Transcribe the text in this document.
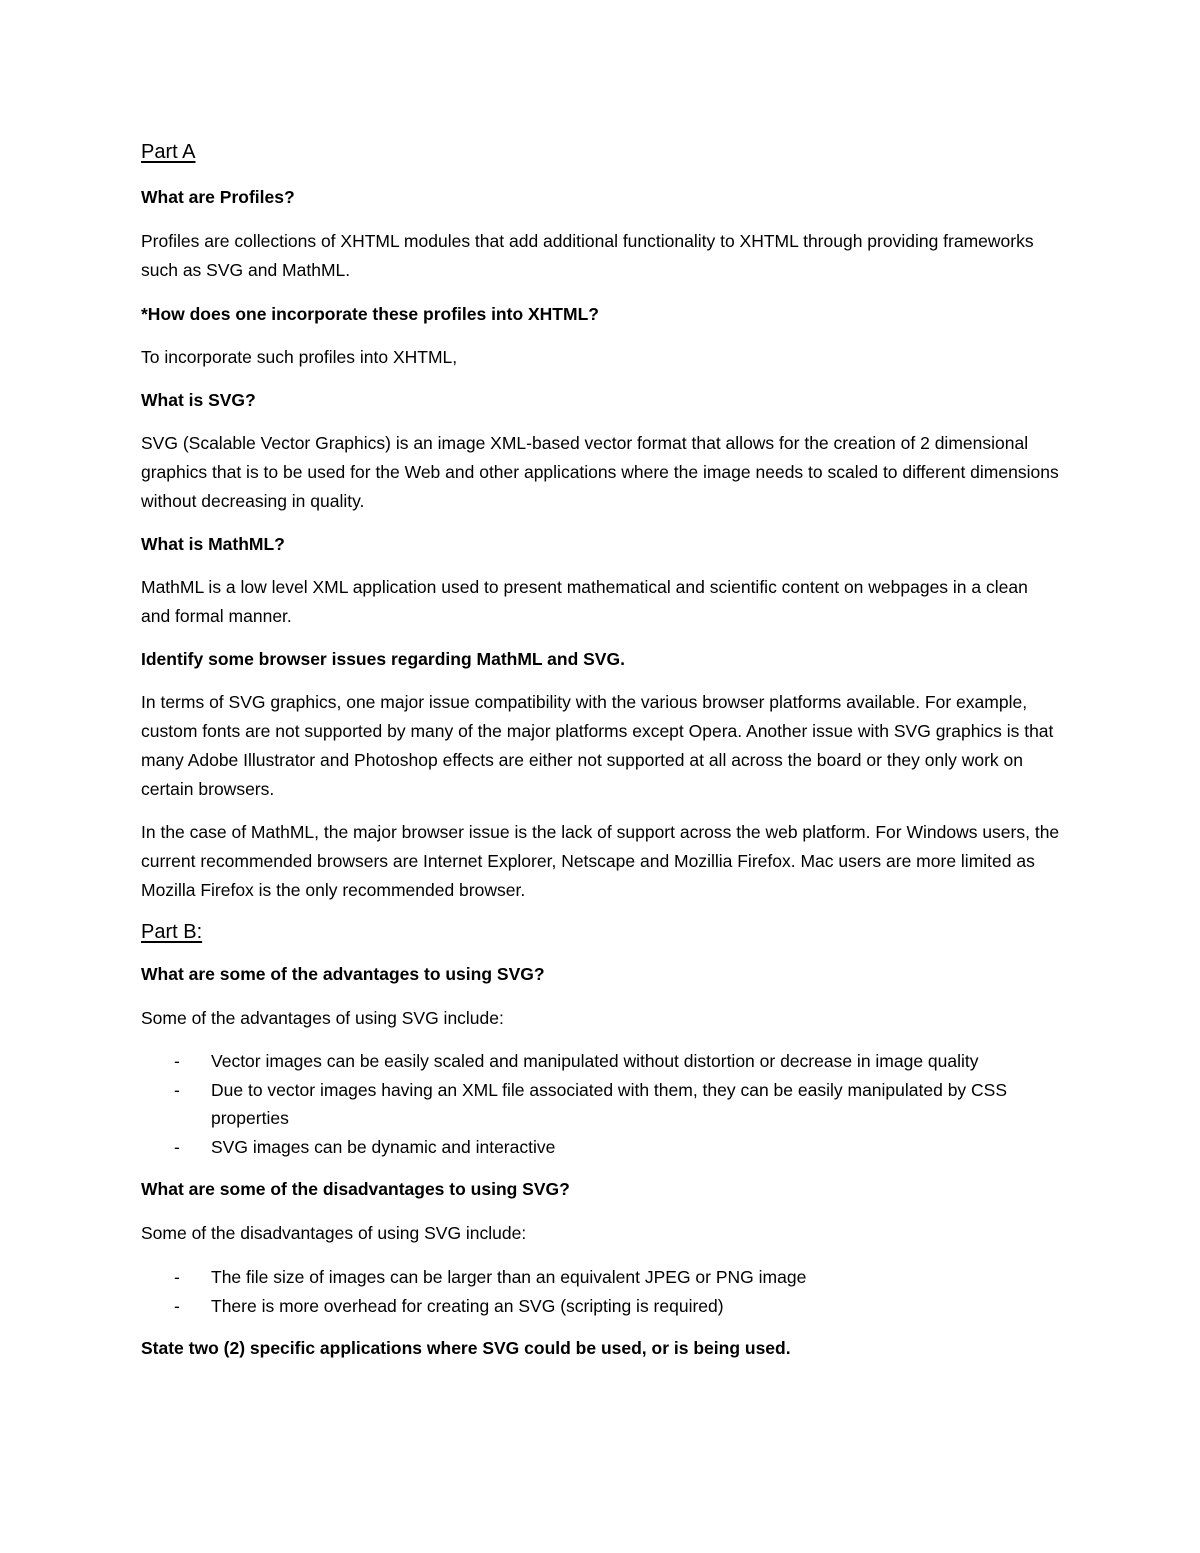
Part A
What are Profiles?
Profiles are collections of XHTML modules that add additional functionality to XHTML through providing frameworks such as SVG and MathML.
*How does one incorporate these profiles into XHTML?
To incorporate such profiles into XHTML,
What is SVG?
SVG (Scalable Vector Graphics) is an image XML-based vector format that allows for the creation of 2 dimensional graphics that is to be used for the Web and other applications where the image needs to scaled to different dimensions without decreasing in quality.
What is MathML?
MathML is a low level XML application used to present mathematical and scientific content on webpages in a clean and formal manner.
Identify some browser issues regarding MathML and SVG.
In terms of SVG graphics, one major issue compatibility with the various browser platforms available. For example, custom fonts are not supported by many of the major platforms except Opera. Another issue with SVG graphics is that many Adobe Illustrator and Photoshop effects are either not supported at all across the board or they only work on certain browsers.
In the case of MathML, the major browser issue is the lack of support across the web platform. For Windows users, the current recommended browsers are Internet Explorer, Netscape and Mozillia Firefox. Mac users are more limited as Mozilla Firefox is the only recommended browser.
Part B:
What are some of the advantages to using SVG?
Some of the advantages of using SVG include:
- Vector images can be easily scaled and manipulated without distortion or decrease in image quality
- Due to vector images having an XML file associated with them, they can be easily manipulated by CSS properties
- SVG images can be dynamic and interactive
What are some of the disadvantages to using SVG?
Some of the disadvantages of using SVG include:
- The file size of images can be larger than an equivalent JPEG or PNG image
- There is more overhead for creating an SVG (scripting is required)
State two (2) specific applications where SVG could be used, or is being used.
